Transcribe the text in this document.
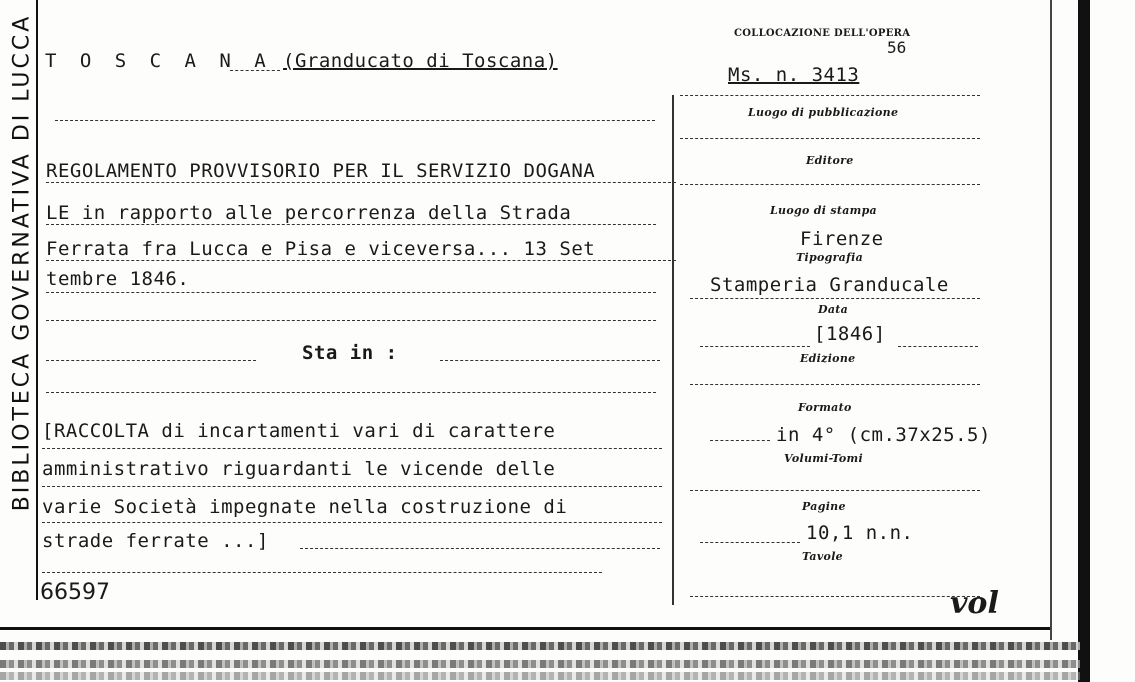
BIBLIOTECA GOVERNATIVA DI LUCCA T O S C A N A (Granducato di Toscana)
COLLOCAZIONE DELL'OPERA
56
Ms. n. 3413
REGOLAMENTO PROVVISORIO PER IL SERVIZIO DOGANA
LE in rapporto alle percorrenza della Strada
Ferrata fra Lucca e Pisa e viceversa... 13 Set
tembre 1846.
Sta in :
[RACCOLTA di incartamenti vari di carattere
amministrativo riguardanti le vicende delle
varie Società impegnate nella costruzione di
strade ferrate ...]
66597
Luogo di pubblicazione
Editore
Luogo di stampa
Firenze
Tipografia
Stamperia Granducale
Data
[1846]
Edizione
Formato
in 4° (cm.37x25.5)
Volumi-Tomi
Pagine
10,1 n.n.
Tavole
vol
